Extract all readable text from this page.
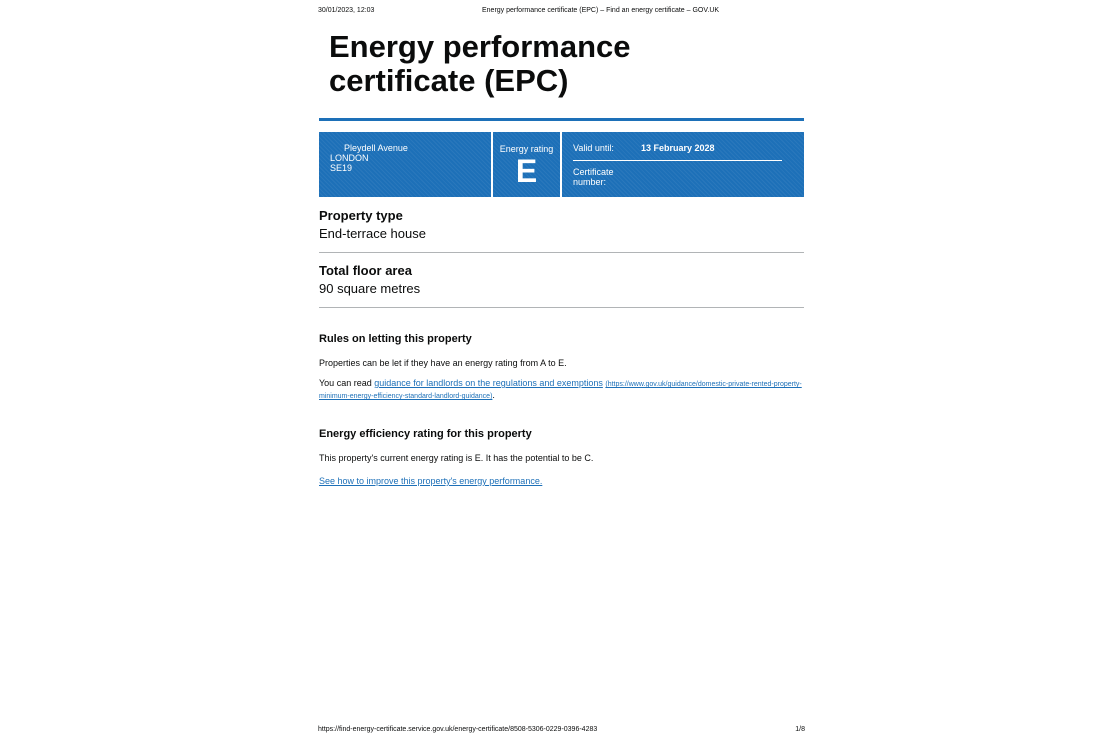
30/01/2023, 12:03	Energy performance certificate (EPC) – Find an energy certificate – GOV.UK
Energy performance certificate (EPC)
Pleydell Avenue
LONDON
SE19
Energy rating
E
Valid until:	13 February 2028
Certificate number:
Property type
End-terrace house
Total floor area
90 square metres
Rules on letting this property

Properties can be let if they have an energy rating from A to E.

You can read guidance for landlords on the regulations and exemptions (https://www.gov.uk/guidance/domestic-private-rented-property-minimum-energy-efficiency-standard-landlord-guidance).

Energy efficiency rating for this property

This property's current energy rating is E. It has the potential to be C.

See how to improve this property's energy performance.

https://find-energy-certificate.service.gov.uk/energy-certificate/8508-5306-0229-0396-4283	1/8
